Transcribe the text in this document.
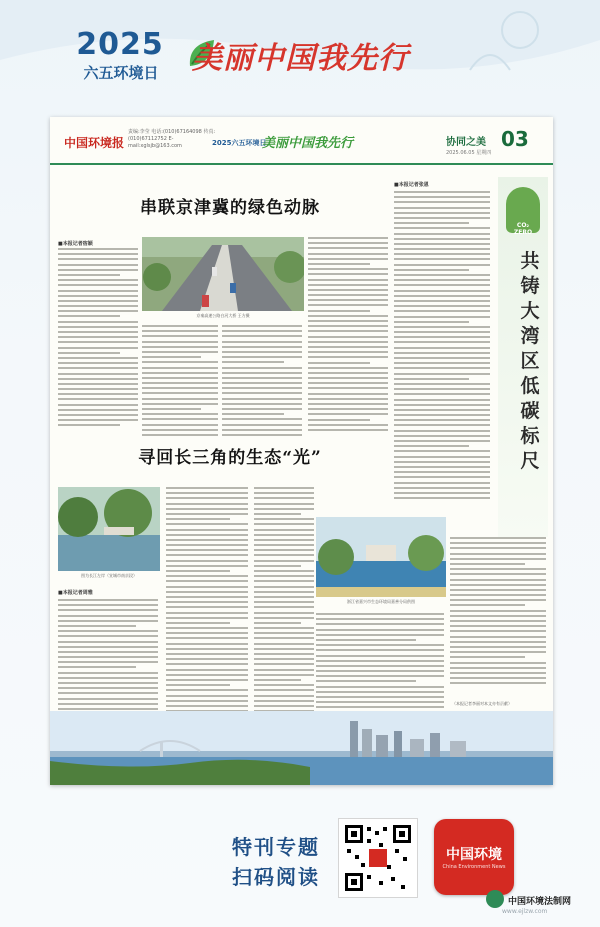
2025
六五环境日	美丽中国我先行
中国环境报
责编:李莹 电话:(010)67164098 传真:(010)67112752 E-mail:xglsjb@163.com	2025六五环境日
美丽中国我先行	协同之美 03
2025.06.05 星期四
串联京津冀的绿色动脉
■本报记者宿颖
京秦高速公路白河大桥 王方摄
■本报记者张恩
CO₂ ZERO
共铸大湾区低碳标尺
寻回长三角的生态“光”
图为长江左岸（宣城市南京段）
■本报记者周雅
浙江省嘉兴市生态环境局嘉善分局供图
（本报记者李丽对本文亦有贡献）
特刊专题
扫码阅读
中国环境
China Environment News
中国环境法制网
www.ejlzw.com
